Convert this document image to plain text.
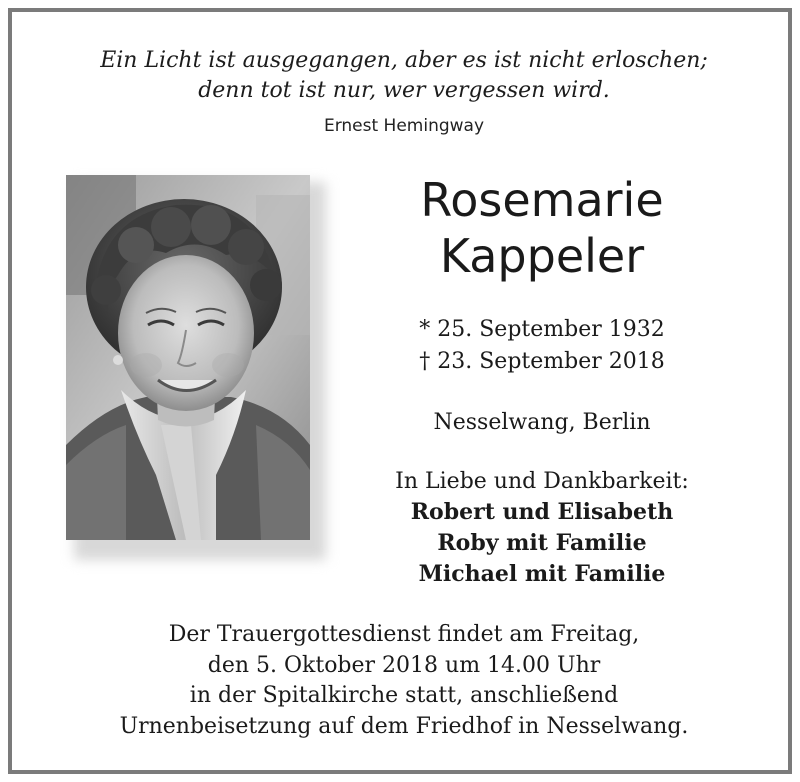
Ein Licht ist ausgegangen, aber es ist nicht erloschen;
denn tot ist nur, wer vergessen wird.
Ernest Hemingway
Rosemarie
Kappeler
* 25. September 1932
† 23. September 2018
Nesselwang, Berlin
In Liebe und Dankbarkeit:
Robert und Elisabeth
Roby mit Familie
Michael mit Familie
Der Trauergottesdienst findet am Freitag,
den 5. Oktober 2018 um 14.00 Uhr
in der Spitalkirche statt, anschließend
Urnenbeisetzung auf dem Friedhof in Nesselwang.
